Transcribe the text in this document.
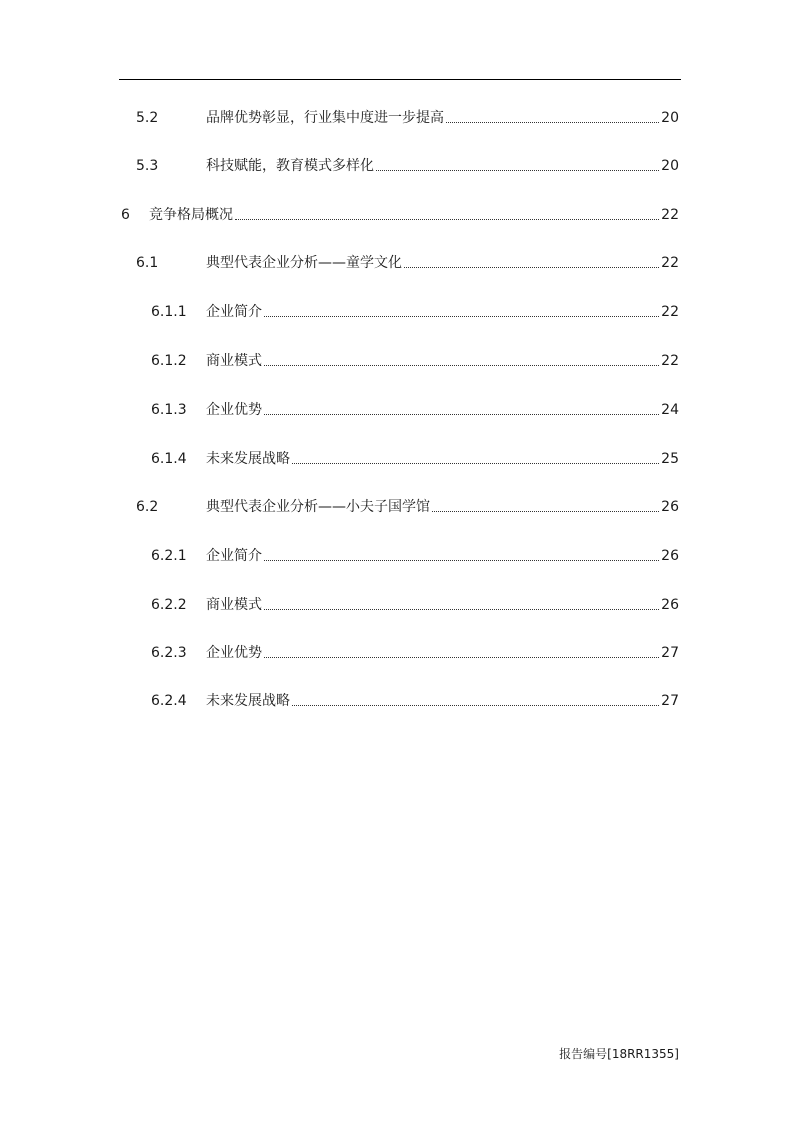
5.2	品牌优势彰显，行业集中度进一步提高	20
5.3	科技赋能，教育模式多样化	20
6	竞争格局概况	22
6.1	典型代表企业分析——童学文化	22
6.1.1	企业简介	22
6.1.2	商业模式	22
6.1.3	企业优势	24
6.1.4	未来发展战略	25
6.2	典型代表企业分析——小夫子国学馆	26
6.2.1	企业简介	26
6.2.2	商业模式	26
6.2.3	企业优势	27
6.2.4	未来发展战略	27
报告编号[18RR1355]
